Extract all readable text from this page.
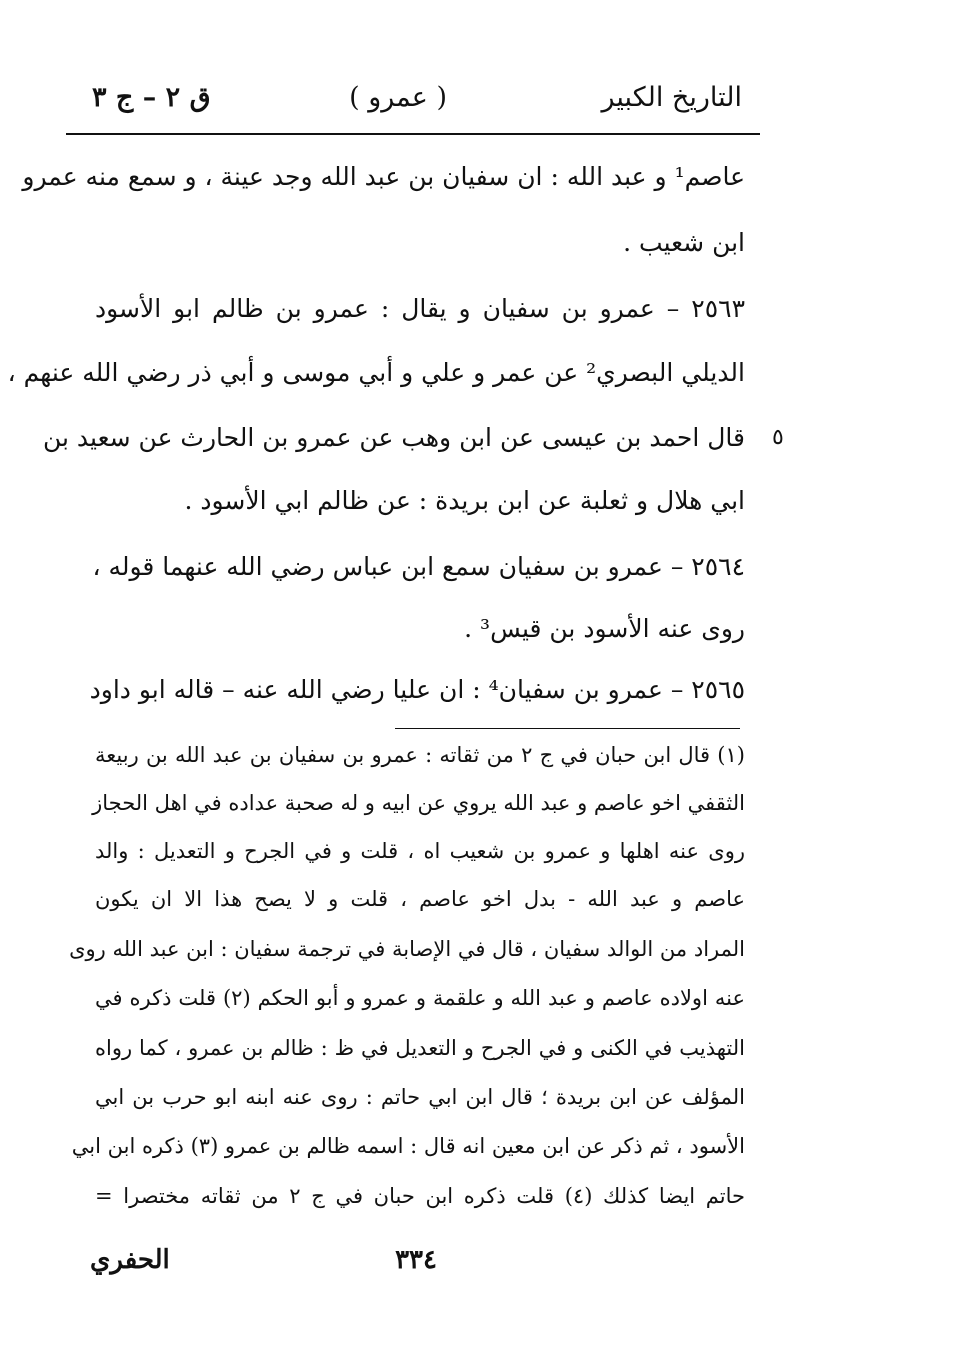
التاريخ الكبير
( عمرو )
ق ٢ – ج ٣
عاصم¹ و عبد الله : ان سفيان بن عبد الله وجد عينة ، و سمع منه عمرو
ابن شعيب .
٢٥٦٣ – عمرو بن سفيان و يقال : عمرو بن ظالم ابو الأسود
الديلي البصري² عن عمر و علي و أبي موسى و أبي ذر رضي الله عنهم ،
قال احمد بن عيسى عن ابن وهب عن عمرو بن الحارث عن سعيد بن
ابي هلال و ثعلبة عن ابن بريدة : عن ظالم ابي الأسود .
٢٥٦٤ – عمرو بن سفيان سمع ابن عباس رضي الله عنهما قوله ،
روى عنه الأسود بن قيس³ .
٢٥٦٥ – عمرو بن سفيان⁴ : ان عليا رضي الله عنه – قاله ابو داود
٥
(١) قال ابن حبان في ج ٢ من ثقاته : عمرو بن سفيان بن عبد الله بن ربيعة
الثقفي اخو عاصم و عبد الله يروي عن ابيه و له صحبة عداده في اهل الحجاز
روى عنه اهلها و عمرو بن شعيب اه ، قلت و في الجرح و التعديل : والد
عاصم و عبد الله - بدل اخو عاصم ، قلت و لا يصح هذا الا ان يكون
المراد من الوالد سفيان ، قال في الإصابة في ترجمة سفيان : ابن عبد الله روى
عنه اولاده عاصم و عبد الله و علقمة و عمرو و أبو الحكم (٢) قلت ذكره في
التهذيب في الكنى و في الجرح و التعديل في ظ : ظالم بن عمرو ، كما رواه
المؤلف عن ابن بريدة ؛ قال ابن ابي حاتم : روى عنه ابنه ابو حرب بن ابي
الأسود ، ثم ذكر عن ابن معين انه قال : اسمه ظالم بن عمرو (٣) ذكره ابن ابي
حاتم ايضا كذلك (٤) قلت ذكره ابن حبان في ج ٢ من ثقاته مختصرا =
٣٣٤
الحفري
